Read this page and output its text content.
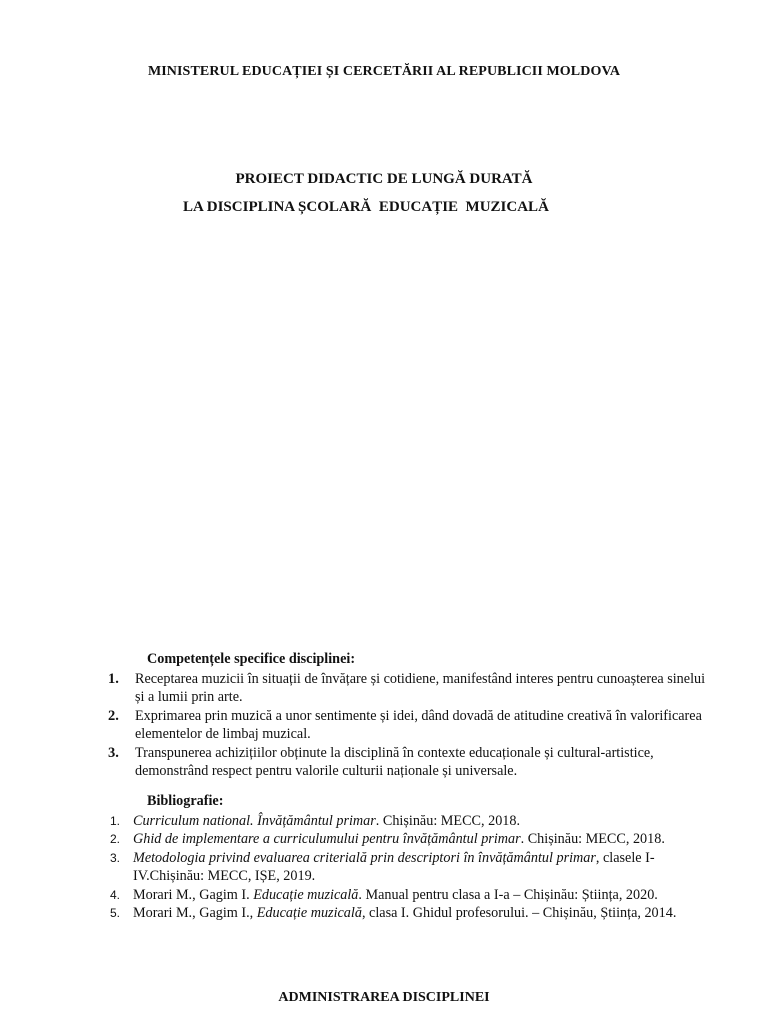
MINISTERUL EDUCAȚIEI ȘI CERCETĂRII AL REPUBLICII MOLDOVA
PROIECT DIDACTIC DE LUNGĂ DURATĂ
LA DISCIPLINA ȘCOLARĂ  EDUCAȚIE  MUZICALĂ
Competențele specifice disciplinei:
1. Receptarea muzicii în situații de învățare și cotidiene, manifestând interes pentru cunoașterea sinelui și a lumii prin arte.
2. Exprimarea prin muzică a unor sentimente și idei, dând dovadă de atitudine creativă în valorificarea elementelor de limbaj muzical.
3. Transpunerea achizițiilor obținute la disciplină în contexte educaționale și cultural-artistice, demonstrând respect pentru valorile culturii naționale și universale.
Bibliografie:
1. Curriculum national. Învățământul primar. Chișinău: MECC, 2018.
2. Ghid de implementare a curriculumului pentru învățământul primar. Chișinău: MECC, 2018.
3. Metodologia privind evaluarea criterială prin descriptori în învățământul primar, clasele I-IV.Chișinău: MECC, IȘE, 2019.
4. Morari M., Gagim I. Educație muzicală. Manual pentru clasa a I-a – Chișinău: Știința, 2020.
5. Morari M., Gagim I., Educație muzicală, clasa I. Ghidul profesorului. – Chișinău, Știința, 2014.
ADMINISTRAREA DISCIPLINEI
